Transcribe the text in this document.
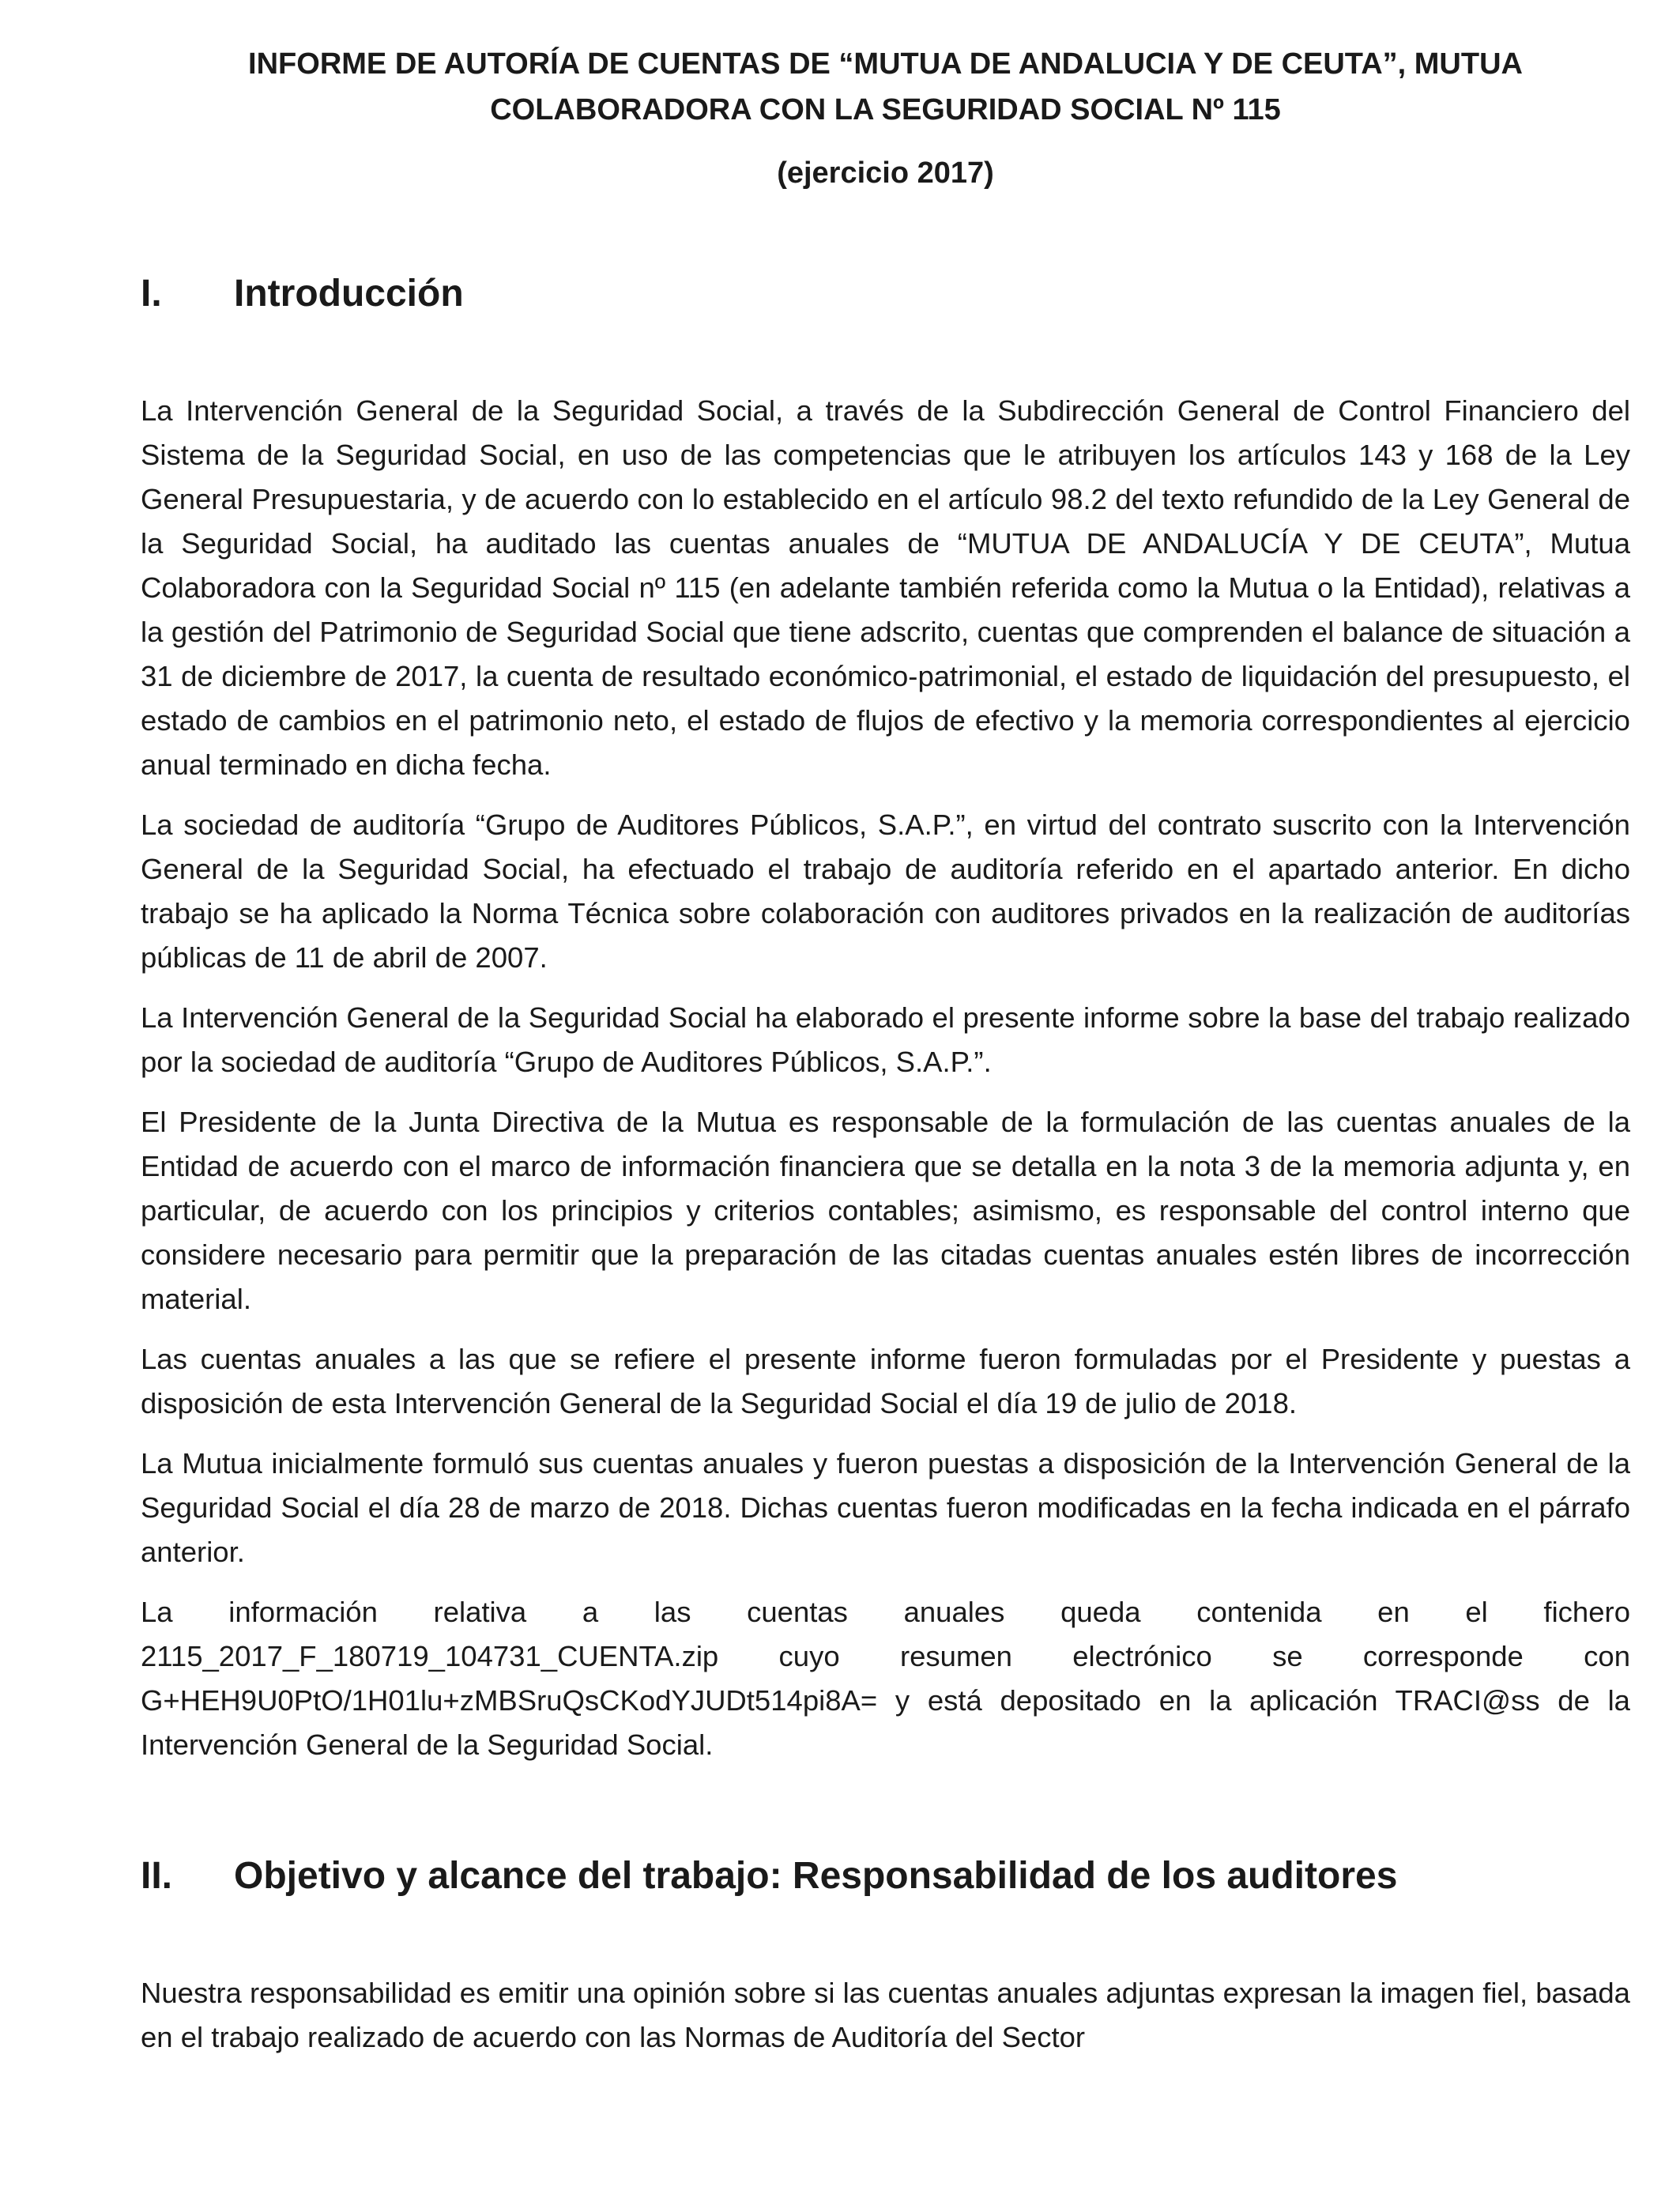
INFORME DE AUTORÍA DE CUENTAS DE “MUTUA DE ANDALUCIA Y DE CEUTA”, MUTUA COLABORADORA CON LA SEGURIDAD SOCIAL Nº 115

(ejercicio 2017)

I.	Introducción

La Intervención General de la Seguridad Social, a través de la Subdirección General de Control Financiero del Sistema de la Seguridad Social, en uso de las competencias que le atribuyen los artículos 143 y 168 de la Ley General Presupuestaria, y de acuerdo con lo establecido en el artículo 98.2 del texto refundido de la Ley General de la Seguridad Social, ha auditado las cuentas anuales de “MUTUA DE ANDALUCÍA Y DE CEUTA”, Mutua Colaboradora con la Seguridad Social nº 115 (en adelante también referida como la Mutua o la Entidad), relativas a la gestión del Patrimonio de Seguridad Social que tiene adscrito, cuentas que comprenden el balance de situación a 31 de diciembre de 2017, la cuenta de resultado económico-patrimonial, el estado de liquidación del presupuesto, el estado de cambios en el patrimonio neto, el estado de flujos de efectivo y la memoria correspondientes al ejercicio anual terminado en dicha fecha.

La sociedad de auditoría “Grupo de Auditores Públicos, S.A.P.”, en virtud del contrato suscrito con la Intervención General de la Seguridad Social, ha efectuado el trabajo de auditoría referido en el apartado anterior. En dicho trabajo se ha aplicado la Norma Técnica sobre colaboración con auditores privados en la realización de auditorías públicas de 11 de abril de 2007.

La Intervención General de la Seguridad Social ha elaborado el presente informe sobre la base del trabajo realizado por la sociedad de auditoría “Grupo de Auditores Públicos, S.A.P.”.

El Presidente de la Junta Directiva de la Mutua es responsable de la formulación de las cuentas anuales de la Entidad de acuerdo con el marco de información financiera que se detalla en la nota 3 de la memoria adjunta y, en particular, de acuerdo con los principios y criterios contables; asimismo, es responsable del control interno que considere necesario para permitir que la preparación de las citadas cuentas anuales estén libres de incorrección material.

Las cuentas anuales a las que se refiere el presente informe fueron formuladas por el Presidente y puestas a disposición de esta Intervención General de la Seguridad Social el día 19 de julio de 2018.

La Mutua inicialmente formuló sus cuentas anuales y fueron puestas a disposición de la Intervención General de la Seguridad Social el día 28 de marzo de 2018. Dichas cuentas fueron modificadas en la fecha indicada en el párrafo anterior.

La información relativa a las cuentas anuales queda contenida en el fichero 2115_2017_F_180719_104731_CUENTA.zip cuyo resumen electrónico se corresponde con G+HEH9U0PtO/1H01lu+zMBSruQsCKodYJUDt514pi8A= y está depositado en la aplicación TRACI@ss de la Intervención General de la Seguridad Social.

II.	Objetivo y alcance del trabajo: Responsabilidad de los auditores

Nuestra responsabilidad es emitir una opinión sobre si las cuentas anuales adjuntas expresan la imagen fiel, basada en el trabajo realizado de acuerdo con las Normas de Auditoría del Sector
